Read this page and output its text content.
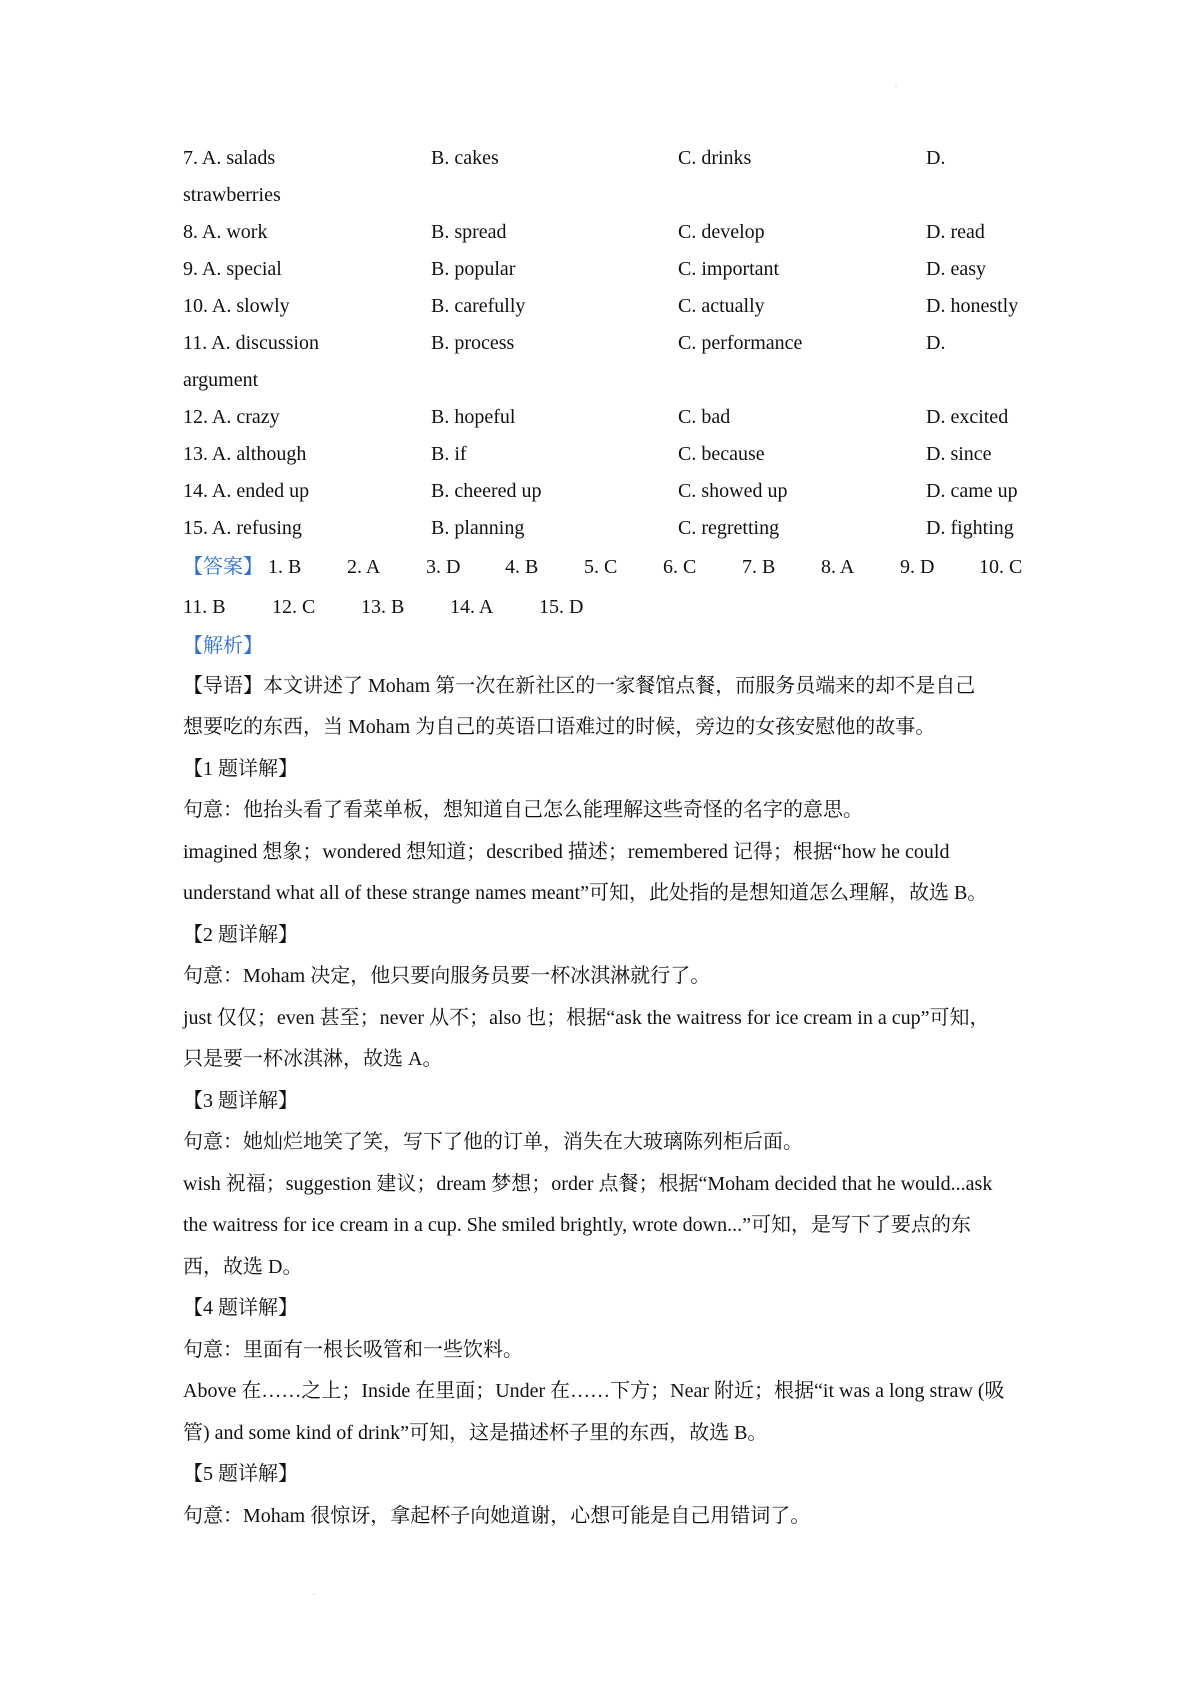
.
7. A. salads	B. cakes	C. drinks	D.
strawberries
8. A. work	B. spread	C. develop	D. read
9. A. special	B. popular	C. important	D. easy
10. A. slowly	B. carefully	C. actually	D. honestly
11. A. discussion	B. process	C. performance	D.
argument
12. A. crazy	B. hopeful	C. bad	D. excited
13. A. although	B. if	C. because	D. since
14. A. ended up	B. cheered up	C. showed up	D. came up
15. A. refusing	B. planning	C. regretting	D. fighting
【答案】 1. B 2. A 3. D 4. B 5. C 6. C 7. B 8. A 9. D 10. C
11. B 12. C 13. B 14. A 15. D
【解析】
【导语】本文讲述了 Moham 第一次在新社区的一家餐馆点餐，而服务员端来的却不是自己
想要吃的东西，当 Moham 为自己的英语口语难过的时候，旁边的女孩安慰他的故事。
【1 题详解】
句意：他抬头看了看菜单板，想知道自己怎么能理解这些奇怪的名字的意思。
imagined 想象；wondered 想知道；described 描述；remembered 记得；根据“how he could
understand what all of these strange names meant”可知，此处指的是想知道怎么理解，故选 B。
【2 题详解】
句意：Moham 决定，他只要向服务员要一杯冰淇淋就行了。
just 仅仅；even 甚至；never 从不；also 也；根据“ask the waitress for ice cream in a cup”可知，
只是要一杯冰淇淋，故选 A。
【3 题详解】
句意：她灿烂地笑了笑，写下了他的订单，消失在大玻璃陈列柜后面。
wish 祝福；suggestion 建议；dream 梦想；order 点餐；根据“Moham decided that he would...ask
the waitress for ice cream in a cup. She smiled brightly, wrote down...”可知，是写下了要点的东
西，故选 D。
【4 题详解】
句意：里面有一根长吸管和一些饮料。
Above 在……之上；Inside 在里面；Under 在……下方；Near 附近；根据“it was a long straw (吸
管) and some kind of drink”可知，这是描述杯子里的东西，故选 B。
【5 题详解】
句意：Moham 很惊讶，拿起杯子向她道谢，心想可能是自己用错词了。
.
